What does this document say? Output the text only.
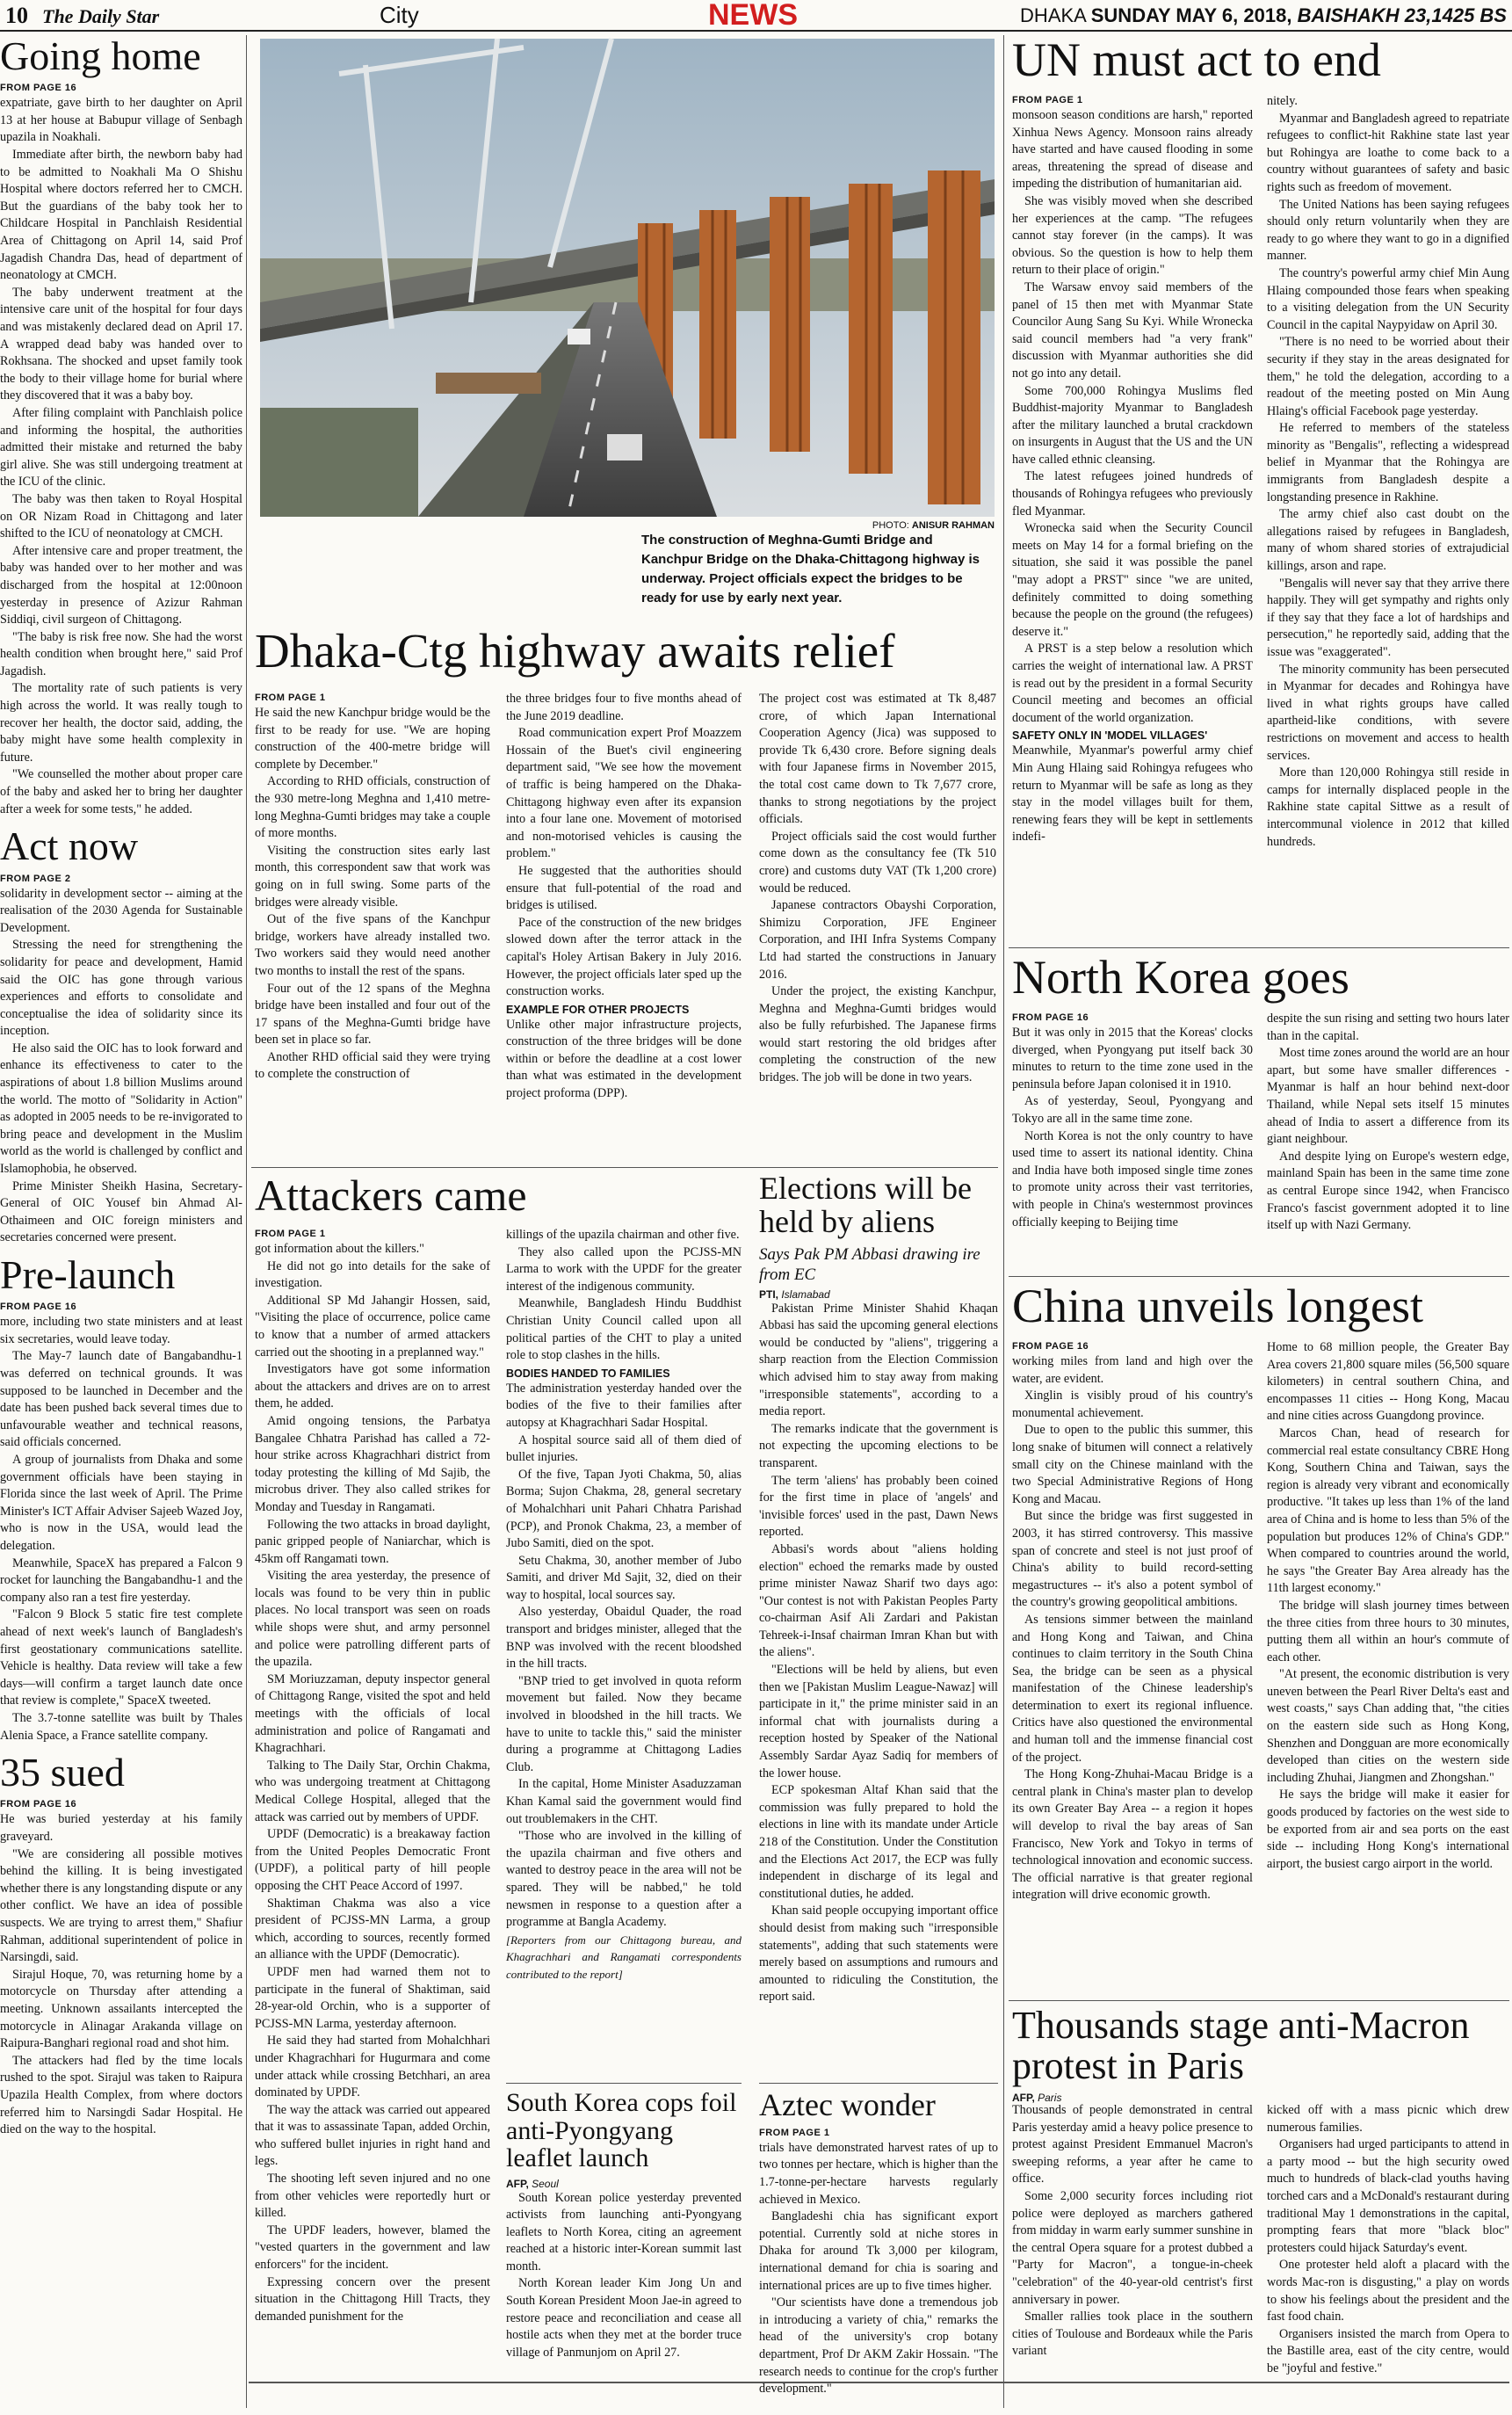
10 The Daily Star	City	NEWS	DHAKA SUNDAY MAY 6, 2018, BAISHAKH 23,1425 BS
Going home
FROM PAGE 16

expatriate, gave birth to her daughter on April 13 at her house at Babupur village of Senbagh upazila in Noakhali.

Immediate after birth, the newborn baby had to be admitted to Noakhali Ma O Shishu Hospital where doctors referred her to CMCH. But the guardians of the baby took her to Childcare Hospital in Panchlaish Residential Area of Chittagong on April 14, said Prof Jagadish Chandra Das, head of department of neonatology at CMCH.

The baby underwent treatment at the intensive care unit of the hospital for four days and was mistakenly declared dead on April 17. A wrapped dead baby was handed over to Rokhsana. The shocked and upset family took the body to their village home for burial where they discovered that it was a baby boy.

After filing complaint with Panchlaish police and informing the hospital, the authorities admitted their mistake and returned the baby girl alive. She was still undergoing treatment at the ICU of the clinic.

The baby was then taken to Royal Hospital on OR Nizam Road in Chittagong and later shifted to the ICU of neonatology at CMCH.

After intensive care and proper treatment, the baby was handed over to her mother and was discharged from the hospital at 12:00noon yesterday in presence of Azizur Rahman Siddiqi, civil surgeon of Chittagong.

"The baby is risk free now. She had the worst health condition when brought here," said Prof Jagadish.

The mortality rate of such patients is very high across the world. It was really tough to recover her health, the doctor said, adding, the baby might have some health complexity in future.

"We counselled the mother about proper care of the baby and asked her to bring her daughter after a week for some tests," he added.

Act now
FROM PAGE 2

solidarity in development sector -- aiming at the realisation of the 2030 Agenda for Sustainable Development.

Stressing the need for strengthening the solidarity for peace and development, Hamid said the OIC has gone through various experiences and efforts to consolidate and conceptualise the idea of solidarity since its inception.

He also said the OIC has to look forward and enhance its effectiveness to cater to the aspirations of about 1.8 billion Muslims around the world. The motto of "Solidarity in Action" as adopted in 2005 needs to be re-invigorated to bring peace and development in the Muslim world as the world is challenged by conflict and Islamophobia, he observed.

Prime Minister Sheikh Hasina, Secretary-General of OIC Yousef bin Ahmad Al-Othaimeen and OIC foreign ministers and secretaries concerned were present.

Pre-launch
FROM PAGE 16

more, including two state ministers and at least six secretaries, would leave today.

The May-7 launch date of Bangabandhu-1 was deferred on technical grounds. It was supposed to be launched in December and the date has been pushed back several times due to unfavourable weather and technical reasons, said officials concerned.

A group of journalists from Dhaka and some government officials have been staying in Florida since the last week of April. The Prime Minister's ICT Affair Adviser Sajeeb Wazed Joy, who is now in the USA, would lead the delegation.

Meanwhile, SpaceX has prepared a Falcon 9 rocket for launching the Bangabandhu-1 and the company also ran a test fire yesterday.

"Falcon 9 Block 5 static fire test complete ahead of next week's launch of Bangladesh's first geostationary communications satellite. Vehicle is healthy. Data review will take a few days—will confirm a target launch date once that review is complete," SpaceX tweeted.

The 3.7-tonne satellite was built by Thales Alenia Space, a France satellite company.

35 sued
FROM PAGE 16

He was buried yesterday at his family graveyard.

"We are considering all possible motives behind the killing. It is being investigated whether there is any longstanding dispute or any other conflict. We have an idea of possible suspects. We are trying to arrest them," Shafiur Rahman, additional superintendent of police in Narsingdi, said.

Sirajul Hoque, 70, was returning home by a motorcycle on Thursday after attending a meeting. Unknown assailants intercepted the motorcycle in Alinagar Arakanda village on Raipura-Banghari regional road and shot him.

The attackers had fled by the time locals rushed to the spot. Sirajul was taken to Raipura Upazila Health Complex, from where doctors referred him to Narsingdi Sadar Hospital. He died on the way to the hospital.

PHOTO: ANISUR RAHMAN
The construction of Meghna-Gumti Bridge and Kanchpur Bridge on the Dhaka-Chittagong highway is underway. Project officials expect the bridges to be ready for use by early next year.
Dhaka-Ctg highway awaits relief
FROM PAGE 1

He said the new Kanchpur bridge would be the first to be ready for use. "We are hoping construction of the 400-metre bridge will complete by December."

According to RHD officials, construction of the 930 metre-long Meghna and 1,410 metre-long Meghna-Gumti bridges may take a couple of more months.

Visiting the construction sites early last month, this correspondent saw that work was going on in full swing. Some parts of the bridges were already visible.

Out of the five spans of the Kanchpur bridge, workers have already installed two. Two workers said they would need another two months to install the rest of the spans.

Four out of the 12 spans of the Meghna bridge have been installed and four out of the 17 spans of the Meghna-Gumti bridge have been set in place so far.

Another RHD official said they were trying to complete the construction of

the three bridges four to five months ahead of the June 2019 deadline.

Road communication expert Prof Moazzem Hossain of the Buet's civil engineering department said, "We see how the movement of traffic is being hampered on the Dhaka-Chittagong highway even after its expansion into a four lane one. Movement of motorised and non-motorised vehicles is causing the problem."

He suggested that the authorities should ensure that full-potential of the road and bridges is utilised.

Pace of the construction of the new bridges slowed down after the terror attack in the capital's Holey Artisan Bakery in July 2016. However, the project officials later sped up the construction works.

EXAMPLE FOR OTHER PROJECTS

Unlike other major infrastructure projects, construction of the three bridges will be done within or before the deadline at a cost lower than what was estimated in the development project proforma (DPP).

The project cost was estimated at Tk 8,487 crore, of which Japan International Cooperation Agency (Jica) was supposed to provide Tk 6,430 crore. Before signing deals with four Japanese firms in November 2015, the total cost came down to Tk 7,677 crore, thanks to strong negotiations by the project officials.

Project officials said the cost would further come down as the consultancy fee (Tk 510 crore) and customs duty VAT (Tk 1,200 crore) would be reduced.

Japanese contractors Obayshi Corporation, Shimizu Corporation, JFE Engineer Corporation, and IHI Infra Systems Company Ltd had started the constructions in January 2016.

Under the project, the existing Kanchpur, Meghna and Meghna-Gumti bridges would also be fully refurbished. The Japanese firms would start restoring the old bridges after completing the construction of the new bridges. The job will be done in two years.

Attackers came
FROM PAGE 1

got information about the killers."

He did not go into details for the sake of investigation.

Additional SP Md Jahangir Hossen, said, "Visiting the place of occurrence, police came to know that a number of armed attackers carried out the shooting in a preplanned way."

Investigators have got some information about the attackers and drives are on to arrest them, he added.

Amid ongoing tensions, the Parbatya Bangalee Chhatra Parishad has called a 72-hour strike across Khagrachhari district from today protesting the killing of Md Sajib, the microbus driver. They also called strikes for Monday and Tuesday in Rangamati.

Following the two attacks in broad daylight, panic gripped people of Naniarchar, which is 45km off Rangamati town.

Visiting the area yesterday, the presence of locals was found to be very thin in public places. No local transport was seen on roads while shops were shut, and army personnel and police were patrolling different parts of the upazila.

SM Moriuzzaman, deputy inspector general of Chittagong Range, visited the spot and held meetings with the officials of local administration and police of Rangamati and Khagrachhari.

Talking to The Daily Star, Orchin Chakma, who was undergoing treatment at Chittagong Medical College Hospital, alleged that the attack was carried out by members of UPDF.

UPDF (Democratic) is a breakaway faction from the United Peoples Democratic Front (UPDF), a political party of hill people opposing the CHT Peace Accord of 1997.

Shaktiman Chakma was also a vice president of PCJSS-MN Larma, a group which, according to sources, recently formed an alliance with the UPDF (Democratic).

UPDF men had warned them not to participate in the funeral of Shaktiman, said 28-year-old Orchin, who is a supporter of PCJSS-MN Larma, yesterday afternoon.

He said they had started from Mohalchhari under Khagrachhari for Hugurmara and come under attack while crossing Betchhari, an area dominated by UPDF.

The way the attack was carried out appeared that it was to assassinate Tapan, added Orchin, who suffered bullet injuries in right hand and legs.

The shooting left seven injured and no one from other vehicles were reportedly hurt or killed.

The UPDF leaders, however, blamed the "vested quarters in the government and law enforcers" for the incident.

Expressing concern over the present situation in the Chittagong Hill Tracts, they demanded punishment for the

killings of the upazila chairman and other five.

They also called upon the PCJSS-MN Larma to work with the UPDF for the greater interest of the indigenous community.

Meanwhile, Bangladesh Hindu Buddhist Christian Unity Council called upon all political parties of the CHT to play a united role to stop clashes in the hills.

BODIES HANDED TO FAMILIES

The administration yesterday handed over the bodies of the five to their families after autopsy at Khagrachhari Sadar Hospital.

A hospital source said all of them died of bullet injuries.

Of the five, Tapan Jyoti Chakma, 50, alias Borma; Sujon Chakma, 28, general secretary of Mohalchhari unit Pahari Chhatra Parishad (PCP), and Pronok Chakma, 23, a member of Jubo Samiti, died on the spot.

Setu Chakma, 30, another member of Jubo Samiti, and driver Md Sajit, 32, died on their way to hospital, local sources say.

Also yesterday, Obaidul Quader, the road transport and bridges minister, alleged that the BNP was involved with the recent bloodshed in the hill tracts.

"BNP tried to get involved in quota reform movement but failed. Now they became involved in bloodshed in the hill tracts. We have to unite to tackle this," said the minister during a programme at Chittagong Ladies Club.

In the capital, Home Minister Asaduzzaman Khan Kamal said the government would find out troublemakers in the CHT.

"Those who are involved in the killing of the upazila chairman and five others and wanted to destroy peace in the area will not be spared. They will be nabbed," he told newsmen in response to a question after a programme at Bangla Academy.

[Reporters from our Chittagong bureau, and Khagrachhari and Rangamati correspondents contributed to the report]

Elections will be held by aliens
Says Pak PM Abbasi drawing ire from EC
PTI, Islamabad

Pakistan Prime Minister Shahid Khaqan Abbasi has said the upcoming general elections would be conducted by "aliens", triggering a sharp reaction from the Election Commission which advised him to stay away from making "irresponsible statements", according to a media report.

The remarks indicate that the government is not expecting the upcoming elections to be transparent.

The term 'aliens' has probably been coined for the first time in place of 'angels' and 'invisible forces' used in the past, Dawn News reported.

Abbasi's words about "aliens holding election" echoed the remarks made by ousted prime minister Nawaz Sharif two days ago: "Our contest is not with Pakistan Peoples Party co-chairman Asif Ali Zardari and Pakistan Tehreek-i-Insaf chairman Imran Khan but with the aliens".

"Elections will be held by aliens, but even then we [Pakistan Muslim League-Nawaz] will participate in it," the prime minister said in an informal chat with journalists during a reception hosted by Speaker of the National Assembly Sardar Ayaz Sadiq for members of the lower house.

ECP spokesman Altaf Khan said that the commission was fully prepared to hold the elections in line with its mandate under Article 218 of the Constitution. Under the Constitution and the Elections Act 2017, the ECP was fully independent in discharge of its legal and constitutional duties, he added.

Khan said people occupying important office should desist from making such "irresponsible statements", adding that such statements were merely based on assumptions and rumours and amounted to ridiculing the Constitution, the report said.

South Korea cops foil anti-Pyongyang leaflet launch
AFP, Seoul

South Korean police yesterday prevented activists from launching anti-Pyongyang leaflets to North Korea, citing an agreement reached at a historic inter-Korean summit last month.

North Korean leader Kim Jong Un and South Korean President Moon Jae-in agreed to restore peace and reconciliation and cease all hostile acts when they met at the border truce village of Panmunjom on April 27.

Aztec wonder
FROM PAGE 1

trials have demonstrated harvest rates of up to two tonnes per hectare, which is higher than the 1.7-tonne-per-hectare harvests regularly achieved in Mexico.

Bangladeshi chia has significant export potential. Currently sold at niche stores in Dhaka for around Tk 3,000 per kilogram, international demand for chia is soaring and international prices are up to five times higher.

"Our scientists have done a tremendous job in introducing a variety of chia," remarks the head of the university's crop botany department, Prof Dr AKM Zakir Hossain. "The research needs to continue for the crop's further development."

UN must act to end
FROM PAGE 1

monsoon season conditions are harsh," reported Xinhua News Agency. Monsoon rains already have started and have caused flooding in some areas, threatening the spread of disease and impeding the distribution of humanitarian aid.

She was visibly moved when she described her experiences at the camp. "The refugees cannot stay forever (in the camps). It was obvious. So the question is how to help them return to their place of origin."

The Warsaw envoy said members of the panel of 15 then met with Myanmar State Councilor Aung Sang Su Kyi. While Wronecka said council members had "a very frank" discussion with Myanmar authorities she did not go into any detail.

Some 700,000 Rohingya Muslims fled Buddhist-majority Myanmar to Bangladesh after the military launched a brutal crackdown on insurgents in August that the US and the UN have called ethnic cleansing.

The latest refugees joined hundreds of thousands of Rohingya refugees who previously fled Myanmar.

Wronecka said when the Security Council meets on May 14 for a formal briefing on the situation, she said it was possible the panel "may adopt a PRST" since "we are united, definitely committed to doing something because the people on the ground (the refugees) deserve it."

A PRST is a step below a resolution which carries the weight of international law. A PRST is read out by the president in a formal Security Council meeting and becomes an official document of the world organization.

SAFETY ONLY IN 'MODEL VILLAGES'

Meanwhile, Myanmar's powerful army chief Min Aung Hlaing said Rohingya refugees who return to Myanmar will be safe as long as they stay in the model villages built for them, renewing fears they will be kept in settlements indefi-

nitely.

Myanmar and Bangladesh agreed to repatriate refugees to conflict-hit Rakhine state last year but Rohingya are loathe to come back to a country without guarantees of safety and basic rights such as freedom of movement.

The United Nations has been saying refugees should only return voluntarily when they are ready to go where they want to go in a dignified manner.

The country's powerful army chief Min Aung Hlaing compounded those fears when speaking to a visiting delegation from the UN Security Council in the capital Naypyidaw on April 30.

"There is no need to be worried about their security if they stay in the areas designated for them," he told the delegation, according to a readout of the meeting posted on Min Aung Hlaing's official Facebook page yesterday.

He referred to members of the stateless minority as "Bengalis", reflecting a widespread belief in Myanmar that the Rohingya are immigrants from Bangladesh despite a longstanding presence in Rakhine.

The army chief also cast doubt on the allegations raised by refugees in Bangladesh, many of whom shared stories of extrajudicial killings, arson and rape.

"Bengalis will never say that they arrive there happily. They will get sympathy and rights only if they say that they face a lot of hardships and persecution," he reportedly said, adding that the issue was "exaggerated".

The minority community has been persecuted in Myanmar for decades and Rohingya have lived in what rights groups have called apartheid-like conditions, with severe restrictions on movement and access to health services.

More than 120,000 Rohingya still reside in camps for internally displaced people in the Rakhine state capital Sittwe as a result of intercommunal violence in 2012 that killed hundreds.

North Korea goes
FROM PAGE 16

But it was only in 2015 that the Koreas' clocks diverged, when Pyongyang put itself back 30 minutes to return to the time zone used in the peninsula before Japan colonised it in 1910.

As of yesterday, Seoul, Pyongyang and Tokyo are all in the same time zone.

North Korea is not the only country to have used time to assert its national identity. China and India have both imposed single time zones to promote unity across their vast territories, with people in China's westernmost provinces officially keeping to Beijing time

despite the sun rising and setting two hours later than in the capital.

Most time zones around the world are an hour apart, but some have smaller differences - Myanmar is half an hour behind next-door Thailand, while Nepal sets itself 15 minutes ahead of India to assert a difference from its giant neighbour.

And despite lying on Europe's western edge, mainland Spain has been in the same time zone as central Europe since 1942, when Francisco Franco's fascist government adopted it to line itself up with Nazi Germany.

China unveils longest
FROM PAGE 16

working miles from land and high over the water, are evident.

Xinglin is visibly proud of his country's monumental achievement.

Due to open to the public this summer, this long snake of bitumen will connect a relatively small city on the Chinese mainland with the two Special Administrative Regions of Hong Kong and Macau.

But since the bridge was first suggested in 2003, it has stirred controversy. This massive span of concrete and steel is not just proof of China's ability to build record-setting megastructures -- it's also a potent symbol of the country's growing geopolitical ambitions.

As tensions simmer between the mainland and Hong Kong and Taiwan, and China continues to claim territory in the South China Sea, the bridge can be seen as a physical manifestation of the Chinese leadership's determination to exert its regional influence. Critics have also questioned the environmental and human toll and the immense financial cost of the project.

The Hong Kong-Zhuhai-Macau Bridge is a central plank in China's master plan to develop its own Greater Bay Area -- a region it hopes will develop to rival the bay areas of San Francisco, New York and Tokyo in terms of technological innovation and economic success. The official narrative is that greater regional integration will drive economic growth.

Home to 68 million people, the Greater Bay Area covers 21,800 square miles (56,500 square kilometers) in central southern China, and encompasses 11 cities -- Hong Kong, Macau and nine cities across Guangdong province.

Marcos Chan, head of research for commercial real estate consultancy CBRE Hong Kong, Southern China and Taiwan, says the region is already very vibrant and economically productive. "It takes up less than 1% of the land area of China and is home to less than 5% of the population but produces 12% of China's GDP." When compared to countries around the world, he says "the Greater Bay Area already has the 11th largest economy."

The bridge will slash journey times between the three cities from three hours to 30 minutes, putting them all within an hour's commute of each other.

"At present, the economic distribution is very uneven between the Pearl River Delta's east and west coasts," says Chan adding that, "the cities on the eastern side such as Hong Kong, Shenzhen and Dongguan are more economically developed than cities on the western side including Zhuhai, Jiangmen and Zhongshan."

He says the bridge will make it easier for goods produced by factories on the west side to be exported from air and sea ports on the east side -- including Hong Kong's international airport, the busiest cargo airport in the world.

Thousands stage anti-Macron protest in Paris
AFP, Paris

Thousands of people demonstrated in central Paris yesterday amid a heavy police presence to protest against President Emmanuel Macron's sweeping reforms, a year after he came to office.

Some 2,000 security forces including riot police were deployed as marchers gathered from midday in warm early summer sunshine in the central Opera square for a protest dubbed a "Party for Macron", a tongue-in-cheek "celebration" of the 40-year-old centrist's first anniversary in power.

Smaller rallies took place in the southern cities of Toulouse and Bordeaux while the Paris variant

kicked off with a mass picnic which drew numerous families.

Organisers had urged participants to attend in a party mood -- but the high security owed much to hundreds of black-clad youths having torched cars and a McDonald's restaurant during traditional May 1 demonstrations in the capital, prompting fears that more "black bloc" protesters could hijack Saturday's event.

One protester held aloft a placard with the words Mac-ron is disgusting," a play on words to show his feelings about the president and the fast food chain.

Organisers insisted the march from Opera to the Bastille area, east of the city centre, would be "joyful and festive."
